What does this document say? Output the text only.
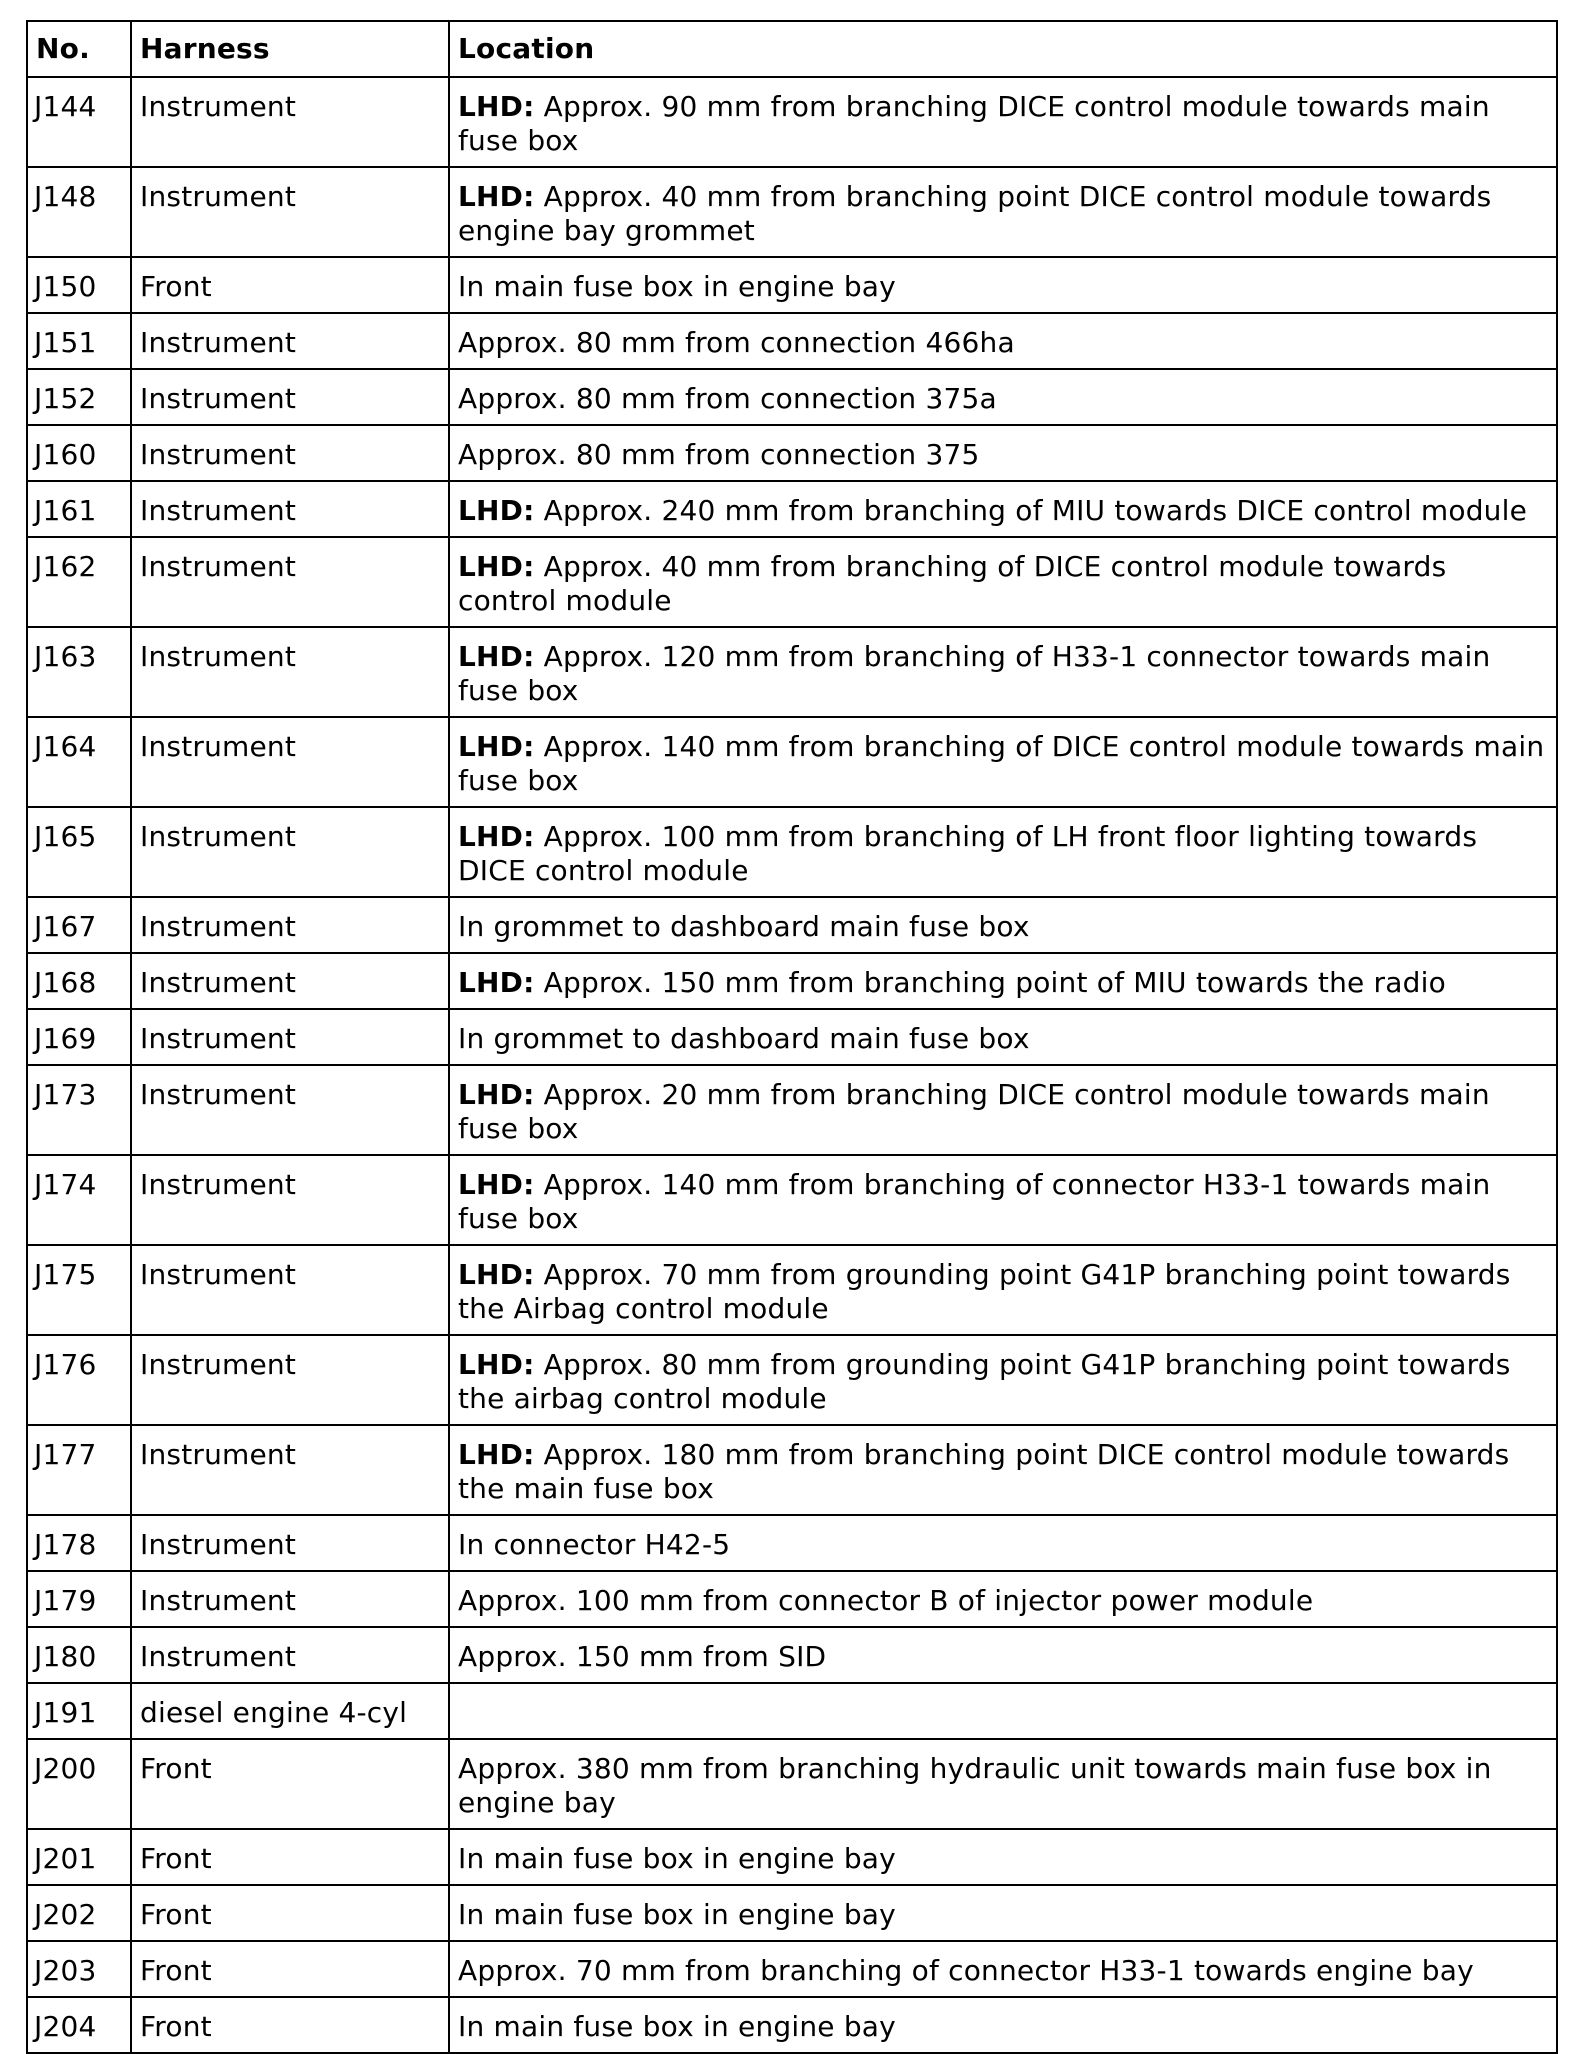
No.	Harness	Location
J144	Instrument	LHD: Approx. 90 mm from branching DICE control module towards main fuse box
J148	Instrument	LHD: Approx. 40 mm from branching point DICE control module towards engine bay grommet
J150	Front	In main fuse box in engine bay
J151	Instrument	Approx. 80 mm from connection 466ha
J152	Instrument	Approx. 80 mm from connection 375a
J160	Instrument	Approx. 80 mm from connection 375
J161	Instrument	LHD: Approx. 240 mm from branching of MIU towards DICE control module
J162	Instrument	LHD: Approx. 40 mm from branching of DICE control module towards control module
J163	Instrument	LHD: Approx. 120 mm from branching of H33-1 connector towards main fuse box
J164	Instrument	LHD: Approx. 140 mm from branching of DICE control module towards main fuse box
J165	Instrument	LHD: Approx. 100 mm from branching of LH front floor lighting towards DICE control module
J167	Instrument	In grommet to dashboard main fuse box
J168	Instrument	LHD: Approx. 150 mm from branching point of MIU towards the radio
J169	Instrument	In grommet to dashboard main fuse box
J173	Instrument	LHD: Approx. 20 mm from branching DICE control module towards main fuse box
J174	Instrument	LHD: Approx. 140 mm from branching of connector H33-1 towards main fuse box
J175	Instrument	LHD: Approx. 70 mm from grounding point G41P branching point towards the Airbag control module
J176	Instrument	LHD: Approx. 80 mm from grounding point G41P branching point towards the airbag control module
J177	Instrument	LHD: Approx. 180 mm from branching point DICE control module towards the main fuse box
J178	Instrument	In connector H42-5
J179	Instrument	Approx. 100 mm from connector B of injector power module
J180	Instrument	Approx. 150 mm from SID
J191	diesel engine 4-cyl	
J200	Front	Approx. 380 mm from branching hydraulic unit towards main fuse box in engine bay
J201	Front	In main fuse box in engine bay
J202	Front	In main fuse box in engine bay
J203	Front	Approx. 70 mm from branching of connector H33-1 towards engine bay
J204	Front	In main fuse box in engine bay
